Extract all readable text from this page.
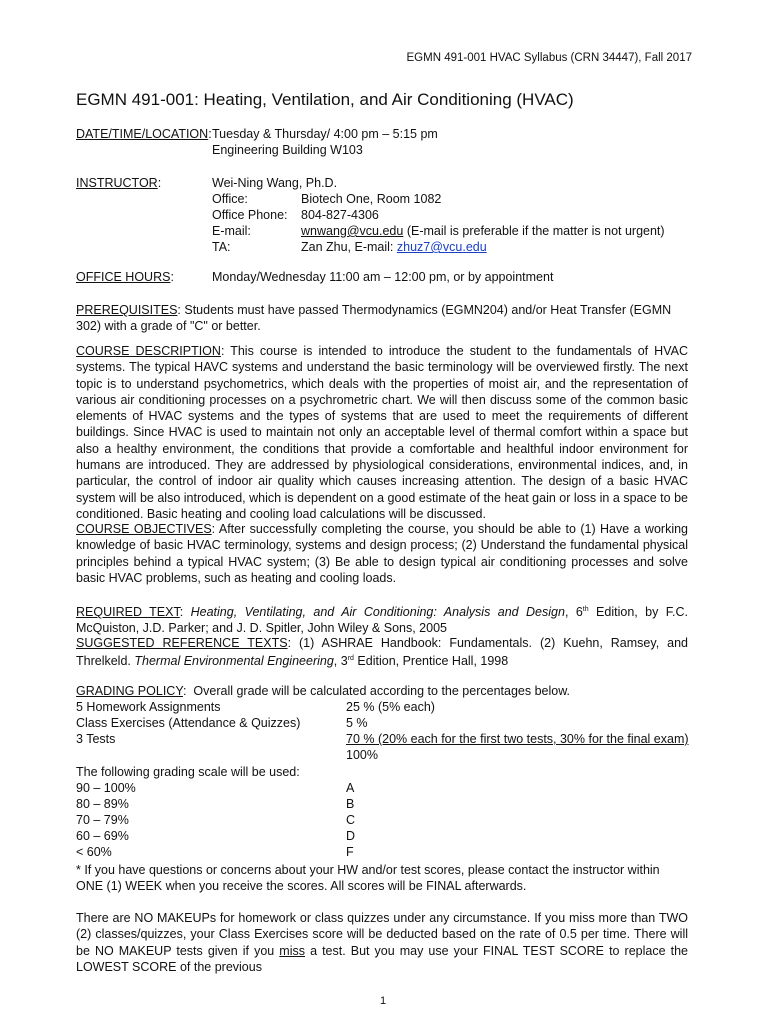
EGMN 491-001 HVAC Syllabus (CRN 34447), Fall 2017
EGMN 491-001: Heating, Ventilation, and Air Conditioning (HVAC)
DATE/TIME/LOCATION: Tuesday & Thursday/ 4:00 pm – 5:15 pm
Engineering Building W103
INSTRUCTOR:	Wei-Ning Wang, Ph.D.
Office:	Biotech One, Room 1082
Office Phone: 804-827-4306
E-mail:	wnwang@vcu.edu (E-mail is preferable if the matter is not urgent)
TA:	Zan Zhu, E-mail: zhuz7@vcu.edu
OFFICE HOURS:	Monday/Wednesday 11:00 am – 12:00 pm, or by appointment
PREREQUISITES: Students must have passed Thermodynamics (EGMN204) and/or Heat Transfer (EGMN 302) with a grade of "C" or better.
COURSE DESCRIPTION: This course is intended to introduce the student to the fundamentals of HVAC systems. The typical HAVC systems and understand the basic terminology will be overviewed firstly. The next topic is to understand psychometrics, which deals with the properties of moist air, and the representation of various air conditioning processes on a psychrometric chart. We will then discuss some of the common basic elements of HVAC systems and the types of systems that are used to meet the requirements of different buildings. Since HVAC is used to maintain not only an acceptable level of thermal comfort within a space but also a healthy environment, the conditions that provide a comfortable and healthful indoor environment for humans are introduced. They are addressed by physiological considerations, environmental indices, and, in particular, the control of indoor air quality which causes increasing attention. The design of a basic HVAC system will be also introduced, which is dependent on a good estimate of the heat gain or loss in a space to be conditioned. Basic heating and cooling load calculations will be discussed.
COURSE OBJECTIVES: After successfully completing the course, you should be able to (1) Have a working knowledge of basic HVAC terminology, systems and design process; (2) Understand the fundamental physical principles behind a typical HVAC system; (3) Be able to design typical air conditioning processes and solve basic HVAC problems, such as heating and cooling loads.
REQUIRED TEXT: Heating, Ventilating, and Air Conditioning: Analysis and Design, 6th Edition, by F.C. McQuiston, J.D. Parker; and J. D. Spitler, John Wiley & Sons, 2005
SUGGESTED REFERENCE TEXTS: (1) ASHRAE Handbook: Fundamentals. (2) Kuehn, Ramsey, and Threlkeld. Thermal Environmental Engineering, 3rd Edition, Prentice Hall, 1998
GRADING POLICY:  Overall grade will be calculated according to the percentages below.
5 Homework Assignments	25 % (5% each)
Class Exercises (Attendance & Quizzes)	5 %
3 Tests	70 % (20% each for the first two tests, 30% for the final exam)
100%
The following grading scale will be used:
90 – 100%	A
80 – 89%	B
70 – 79%	C
60 – 69%	D
< 60%	F
* If you have questions or concerns about your HW and/or test scores, please contact the instructor within ONE (1) WEEK when you receive the scores. All scores will be FINAL afterwards.
There are NO MAKEUPs for homework or class quizzes under any circumstance. If you miss more than TWO (2) classes/quizzes, your Class Exercises score will be deducted based on the rate of 0.5 per time. There will be NO MAKEUP tests given if you miss a test. But you may use your FINAL TEST SCORE to replace the LOWEST SCORE of the previous
1
